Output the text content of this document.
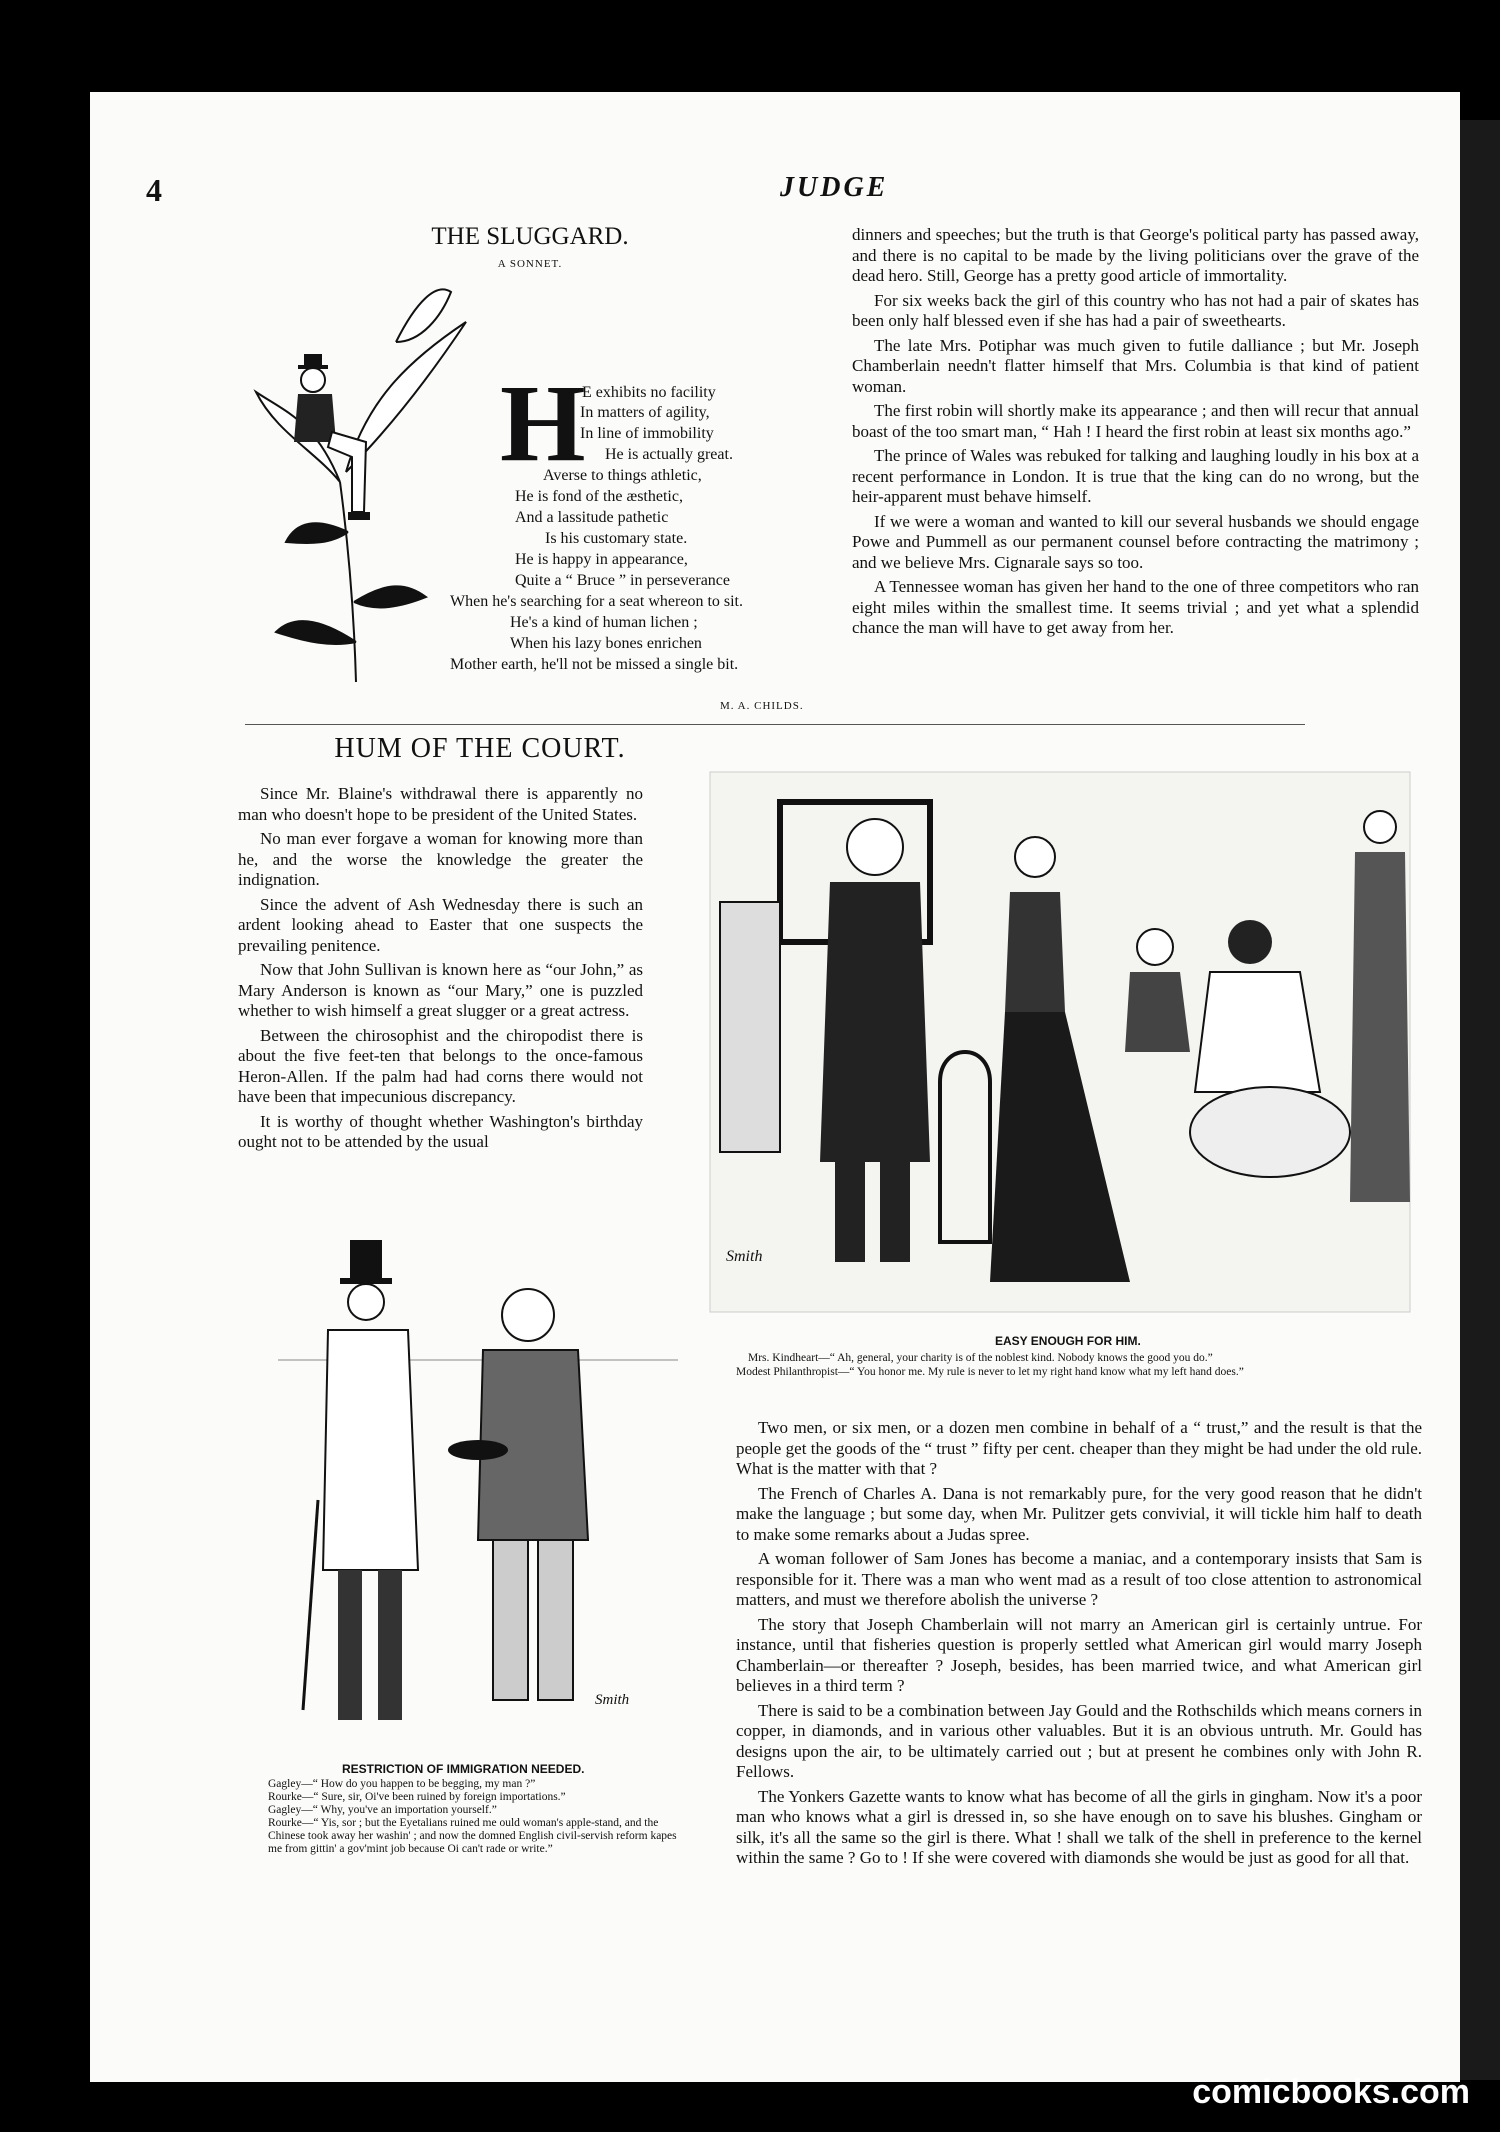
4	JUDGE
THE SLUGGARD.
A SONNET.
H
E exhibits no facility
In matters of agility,
In line of immobility
He is actually great.
Averse to things athletic,
He is fond of the æsthetic,
And a lassitude pathetic
Is his customary state.
He is happy in appearance,
Quite a “ Bruce ” in perseverance
When he's searching for a seat whereon to sit.
He's a kind of human lichen ;
When his lazy bones enrichen
Mother earth, he'll not be missed a single bit.
M. A. CHILDS.

dinners and speeches; but the truth is that George's political party has passed away, and there is no capital to be made by the living politicians over the grave of the dead hero. Still, George has a pretty good article of immortality.

For six weeks back the girl of this country who has not had a pair of skates has been only half blessed even if she has had a pair of sweethearts.

The late Mrs. Potiphar was much given to futile dalliance ; but Mr. Joseph Chamberlain needn't flatter himself that Mrs. Columbia is that kind of patient woman.

The first robin will shortly make its appearance ; and then will recur that annual boast of the too smart man, “ Hah ! I heard the first robin at least six months ago.”

The prince of Wales was rebuked for talking and laughing loudly in his box at a recent performance in London. It is true that the king can do no wrong, but the heir-apparent must behave himself.

If we were a woman and wanted to kill our several husbands we should engage Powe and Pummell as our permanent counsel before contracting the matrimony ; and we believe Mrs. Cignarale says so too.

A Tennessee woman has given her hand to the one of three competitors who ran eight miles within the smallest time. It seems trivial ; and yet what a splendid chance the man will have to get away from her.

HUM OF THE COURT.

Since Mr. Blaine's withdrawal there is apparently no man who doesn't hope to be president of the United States.

No man ever forgave a woman for knowing more than he, and the worse the knowledge the greater the indignation.

Since the advent of Ash Wednesday there is such an ardent looking ahead to Easter that one suspects the prevailing penitence.

Now that John Sullivan is known here as “our John,” as Mary Anderson is known as “our Mary,” one is puzzled whether to wish himself a great slugger or a great actress.

Between the chirosophist and the chiropodist there is about the five feet-ten that belongs to the once-famous Heron-Allen. If the palm had had corns there would not have been that impecunious discrepancy.

It is worthy of thought whether Washington's birthday ought not to be attended by the usual

Smith
EASY ENOUGH FOR HIM.
Mrs. Kindheart—“ Ah, general, your charity is of the noblest kind. Nobody knows the good you do.”
Modest Philanthropist—“ You honor me. My rule is never to let my right hand know what my left hand does.”
Smith
RESTRICTION OF IMMIGRATION NEEDED.
Gagley—“ How do you happen to be begging, my man ?”
Rourke—“ Sure, sir, Oi've been ruined by foreign importations.”
Gagley—“ Why, you've an importation yourself.”
Rourke—“ Yis, sor ; but the Eyetalians ruined me ould woman's apple-stand, and the Chinese took away her washin' ; and now the domned English civil-servish reform kapes me from gittin' a gov'mint job because Oi can't rade or write.”

Two men, or six men, or a dozen men combine in behalf of a “ trust,” and the result is that the people get the goods of the “ trust ” fifty per cent. cheaper than they might be had under the old rule. What is the matter with that ?

The French of Charles A. Dana is not remarkably pure, for the very good reason that he didn't make the language ; but some day, when Mr. Pulitzer gets convivial, it will tickle him half to death to make some remarks about a Judas spree.

A woman follower of Sam Jones has become a maniac, and a contemporary insists that Sam is responsible for it. There was a man who went mad as a result of too close attention to astronomical matters, and must we therefore abolish the universe ?

The story that Joseph Chamberlain will not marry an American girl is certainly untrue. For instance, until that fisheries question is properly settled what American girl would marry Joseph Chamberlain—or thereafter ? Joseph, besides, has been married twice, and what American girl believes in a third term ?

There is said to be a combination between Jay Gould and the Rothschilds which means corners in copper, in diamonds, and in various other valuables. But it is an obvious untruth. Mr. Gould has designs upon the air, to be ultimately carried out ; but at present he combines only with John R. Fellows.

The Yonkers Gazette wants to know what has become of all the girls in gingham. Now it's a poor man who knows what a girl is dressed in, so she have enough on to save his blushes. Gingham or silk, it's all the same so the girl is there. What ! shall we talk of the shell in preference to the kernel within the same ? Go to ! If she were covered with diamonds she would be just as good for all that.

comicbooks.com
